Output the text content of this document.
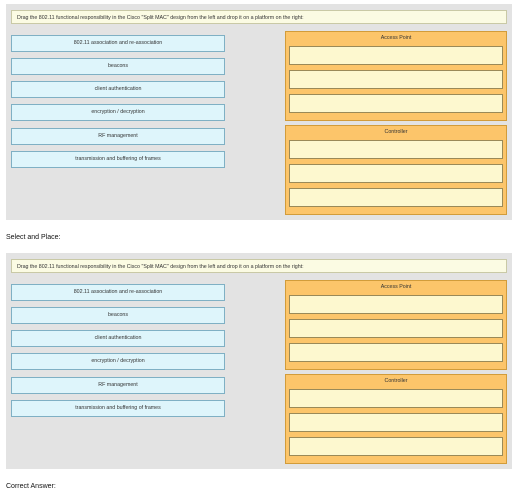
Drag the 802.11 functional responsibility in the Cisco "Split MAC" design from the left and drop it on a platform on the right:
802.11 association and re-association
beacons
client authentication
encryption / decryption
RF management
transmission and buffering of frames
Access Point
Controller
Select and Place:
Drag the 802.11 functional responsibility in the Cisco "Split MAC" design from the left and drop it on a platform on the right:
802.11 association and re-association
beacons
client authentication
encryption / decryption
RF management
transmission and buffering of frames
Access Point
Controller
Correct Answer:
